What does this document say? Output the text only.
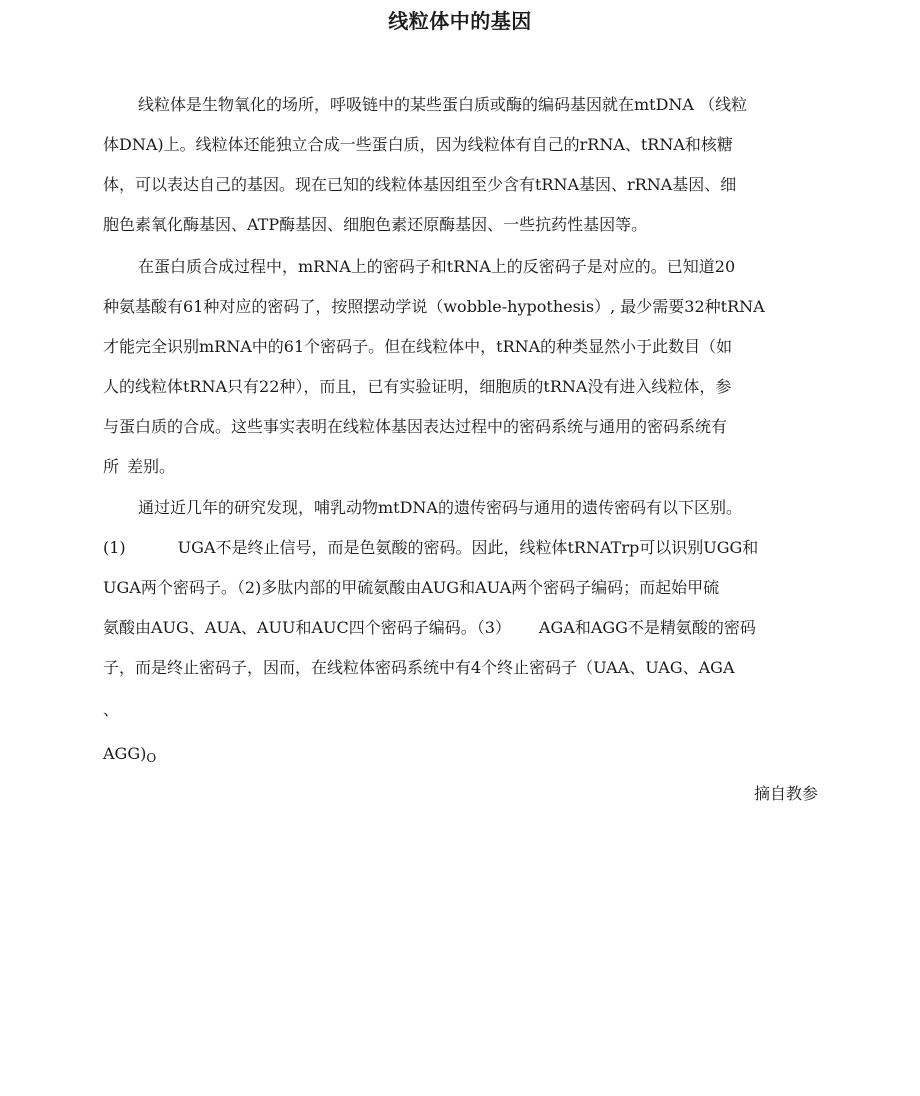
线粒体中的基因
线粒体是生物氧化的场所，呼吸链中的某些蛋白质或酶的编码基因就在mtDNA （线粒
体DNA)上。线粒体还能独立合成一些蛋白质，因为线粒体有自己的rRNA、tRNA和核糖
体，可以表达自己的基因。现在已知的线粒体基因组至少含有tRNA基因、rRNA基因、细
胞色素氧化酶基因、ATP酶基因、细胞色素还原酶基因、一些抗药性基因等。
在蛋白质合成过程中，mRNA上的密码子和tRNA上的反密码子是对应的。已知道20
种氨基酸有61种对应的密码了，按照摆动学说（wobble-hypothesis）, 最少需要32种tRNA
才能完全识别mRNA中的61个密码子。但在线粒体中，tRNA的种类显然小于此数目（如
人的线粒体tRNA只有22种），而且，已有实验证明，细胞质的tRNA没有进入线粒体，参
与蛋白质的合成。这些事实表明在线粒体基因表达过程中的密码系统与通用的密码系统有
所 差别。
通过近几年的研究发现，哺乳动物mtDNA的遗传密码与通用的遗传密码有以下区别。
(1)	UGA不是终止信号，而是色氨酸的密码。因此，线粒体tRNATrp可以识别UGG和
UGA两个密码子。（2)多肽内部的甲硫氨酸由AUG和AUA两个密码子编码；而起始甲硫
氨酸由AUG、AUA、AUU和AUC四个密码子编码。（3） AGA和AGG不是精氨酸的密码
子，而是终止密码子，因而，在线粒体密码系统中有4个终止密码子（UAA、UAG、AGA
、
$AGG)_O$
摘自教参
